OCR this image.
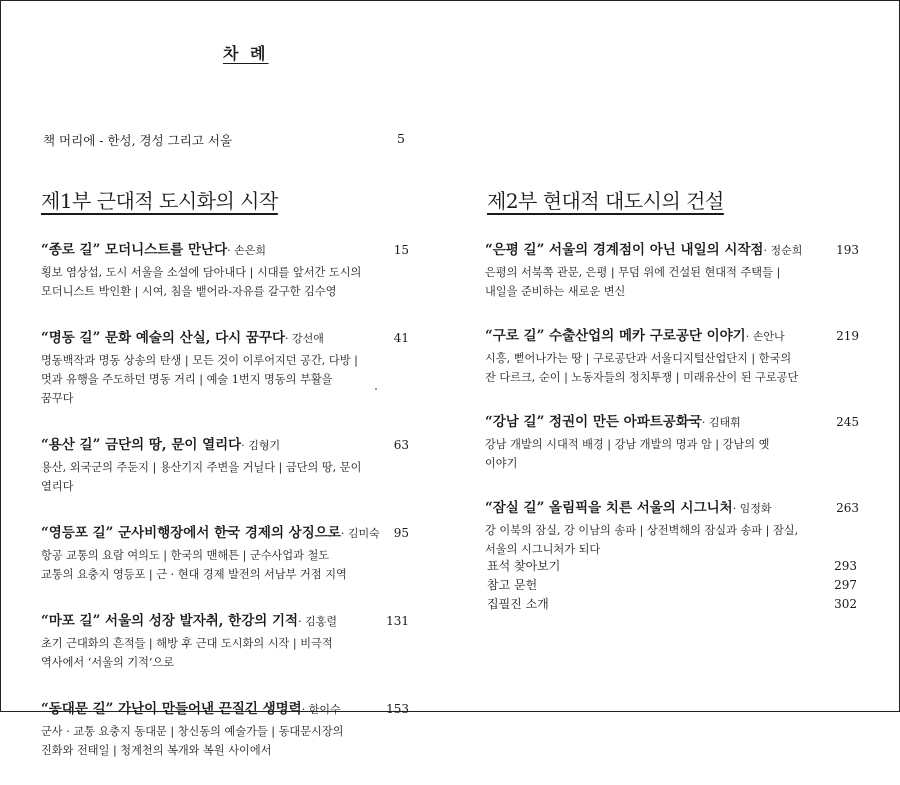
차 례
책 머리에 - 한성, 경성 그리고 서울	5
제1부 근대적 도시화의 시작	제2부 현대적 대도시의 건설
“종로 길” 모더니스트를 만난다· 손은희	15
횡보 염상섭, 도시 서울을 소설에 담아내다 | 시대를 앞서간 도시의 모더니스트 박인환 | 시여, 침을 뱉어라-자유를 갈구한 김수영
“명동 길” 문화 예술의 산실, 다시 꿈꾸다· 강선애	41
명동백작과 명동 상송의 탄생 | 모든 것이 이루어지던 공간, 다방 | 멋과 유행을 주도하던 명동 거리 | 예술 1번지 명동의 부활을 꿈꾸다
“용산 길” 금단의 땅, 문이 열리다· 김형기	63
용산, 외국군의 주둔지 | 용산기지 주변을 거닐다 | 금단의 땅, 문이 열리다
“영등포 길” 군사비행장에서 한국 경제의 상징으로· 김미숙 95
항공 교통의 요람 여의도 | 한국의 맨해튼 | 군수사업과 철도 교통의 요충지 영등포 | 근 · 현대 경제 발전의 서남부 거점 지역
“마포 길” 서울의 성장 발자취, 한강의 기적· 김홍렬	131
초기 근대화의 흔적들 | 해방 후 근대 도시화의 시작 | 비극적 역사에서 ‘서울의 기적’으로
“동대문 길” 가난이 만들어낸 끈질긴 생명력· 한이수	153
군사 · 교통 요충지 동대문 | 창신동의 예술가들 | 동대문시장의 진화와 전태일 | 청계천의 복개와 복원 사이에서
“은평 길” 서울의 경계점이 아닌 내일의 시작점· 정순희	193
은평의 서북쪽 관문, 은평 | 무덤 위에 건설된 현대적 주택들 | 내일을 준비하는 새로운 변신
“구로 길” 수출산업의 메카 구로공단 이야기· 손안나	219
시흥, 뻗어나가는 땅 | 구로공단과 서울디지털산업단지 | 한국의 잔 다르크, 순이 | 노동자들의 정치투쟁 | 미래유산이 된 구로공단
“강남 길” 정권이 만든 아파트공화국· 김태휘	245
강남 개발의 시대적 배경 | 강남 개발의 명과 암 | 강남의 옛 이야기
“잠실 길” 올림픽을 치른 서울의 시그니처· 임정화	263
강 이북의 잠실, 강 이남의 송파 | 상전벽해의 잠실과 송파 | 잠실, 서울의 시그니처가 되다
표석 찾아보기	293
참고 문헌	297
집필진 소개	302
